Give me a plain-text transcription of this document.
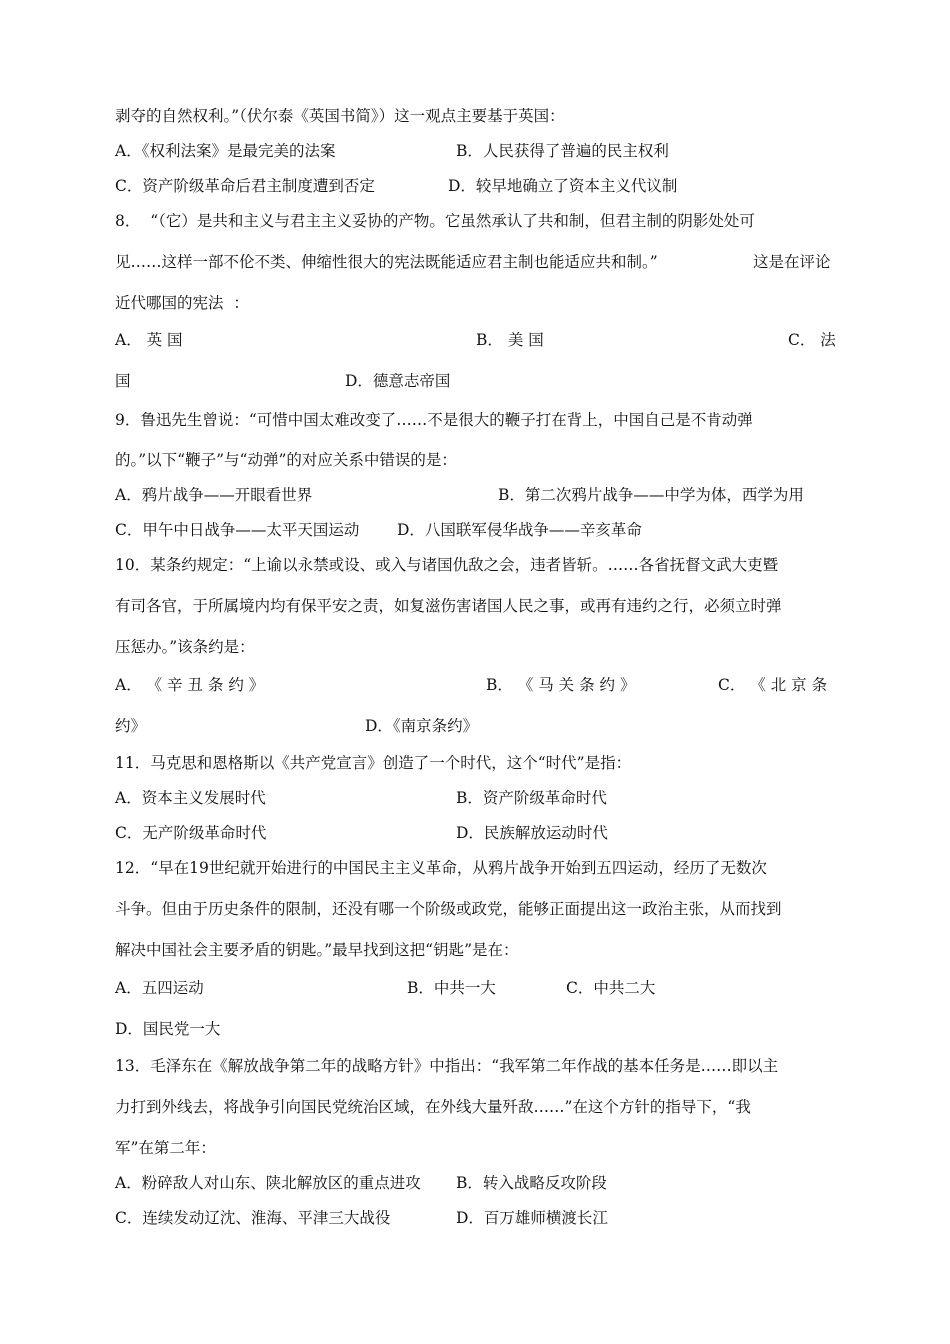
剥夺的自然权利。”（伏尔泰《英国书简》）这一观点主要基于英国：
A．《权利法案》是最完美的法案	B．人民获得了普遍的民主权利
C．资产阶级革命后君主制度遭到否定	D．较早地确立了资本主义代议制
8．  “（它）是共和主义与君主主义妥协的产物。它虽然承认了共和制，但君主制的阴影处处可
见……这样一部不伦不类、伸缩性很大的宪法既能适应君主制也能适应共和制。”	这是在评论
近代哪国的宪法  ：
A． 英 国	B． 美 国	C． 法
国	D．德意志帝国
9．鲁迅先生曾说：“可惜中国太难改变了……不是很大的鞭子打在背上，中国自己是不肯动弹
的。”以下“鞭子”与“动弹”的对应关系中错误的是：
A．鸦片战争——开眼看世界	B．第二次鸦片战争——中学为体，西学为用
C．甲午中日战争——太平天国运动 D．八国联军侵华战争——辛亥革命
10．某条约规定：“上谕以永禁或设、或入与诸国仇敌之会，违者皆斩。……各省抚督文武大吏暨
有司各官，于所属境内均有保平安之责，如复滋伤害诸国人民之事，或再有违约之行，必须立时弹
压惩办。”该条约是：
A． 《 辛 丑 条 约 》	B． 《 马 关 条 约 》	C． 《 北 京 条
约》	D．《南京条约》
11．马克思和恩格斯以《共产党宣言》创造了一个时代，这个“时代”是指：
A．资本主义发展时代	B．资产阶级革命时代
C．无产阶级革命时代	D．民族解放运动时代
12．“早在19世纪就开始进行的中国民主主义革命，从鸦片战争开始到五四运动，经历了无数次
斗争。但由于历史条件的限制，还没有哪一个阶级或政党，能够正面提出这一政治主张，从而找到
解决中国社会主要矛盾的钥匙。”最早找到这把“钥匙”是在：
A．五四运动	B．中共一大	C．中共二大
D．国民党一大
13．毛泽东在《解放战争第二年的战略方针》中指出：“我军第二年作战的基本任务是……即以主
力打到外线去，将战争引向国民党统治区域，在外线大量歼敌……”在这个方针的指导下，“我
军”在第二年：
A．粉碎敌人对山东、陕北解放区的重点进攻 B．转入战略反攻阶段
C．连续发动辽沈、淮海、平津三大战役	D．百万雄师横渡长江
